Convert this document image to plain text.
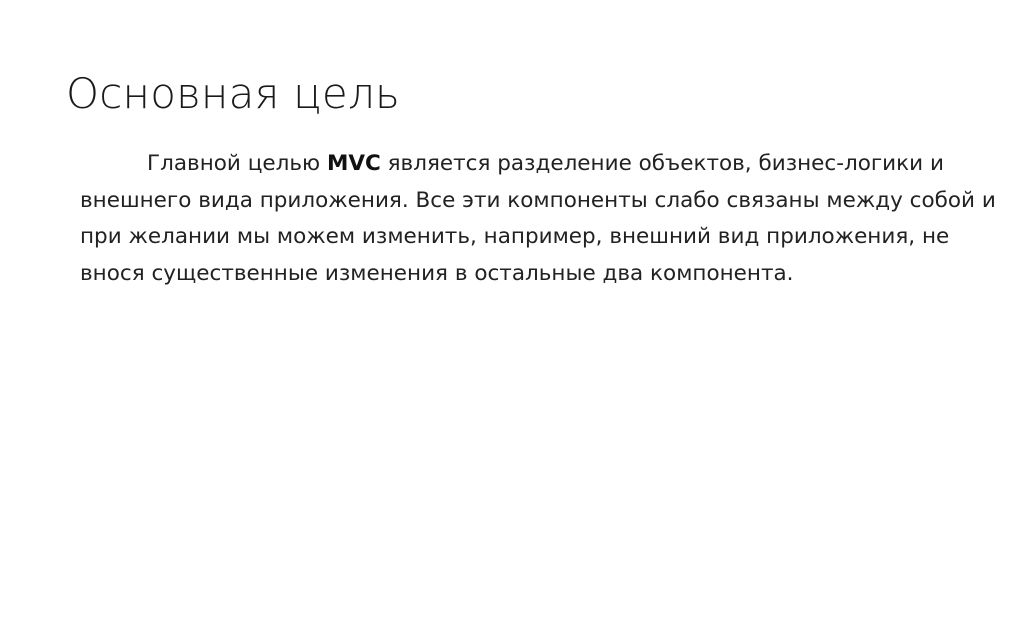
Основная цель

Главной целью MVC является разделение объектов, бизнес-логики и внешнего вида приложения. Все эти компоненты слабо связаны между собой и при желании мы можем изменить, например, внешний вид приложения, не внося существенные изменения в остальные два компонента.
